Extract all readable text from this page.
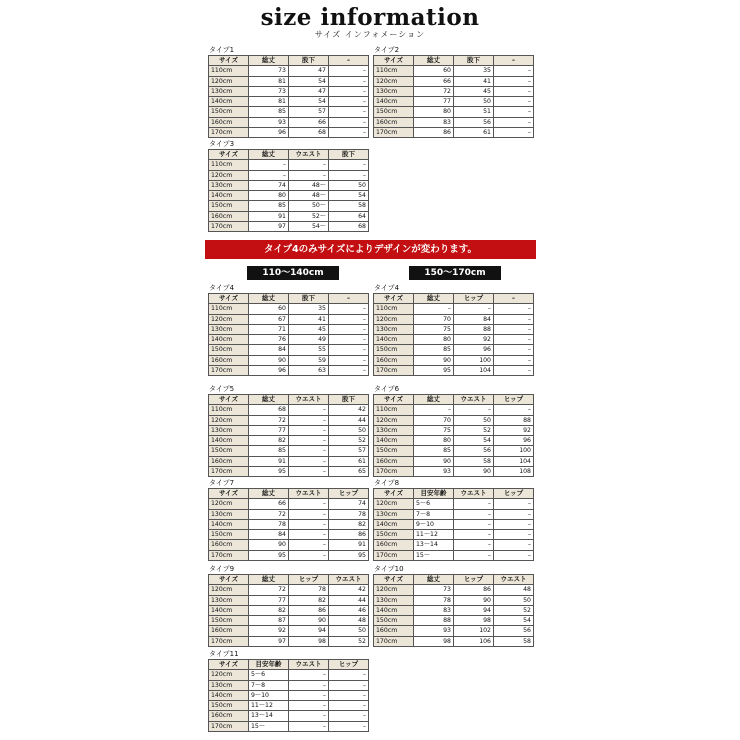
size information
サイズ インフォメーション
タイプ4のみサイズによりデザインが変わります。
110～140cm	150～170cm
タイプ1
サイズ	総丈	股下	–
110cm	73	47	–
120cm	81	54	–
130cm	73	47	–
140cm	81	54	–
150cm	85	57	–
160cm	93	66	–
170cm	96	68	–
タイプ2
サイズ	総丈	股下	–
110cm	60	35	–
120cm	66	41	–
130cm	72	45	–
140cm	77	50	–
150cm	80	51	–
160cm	83	56	–
170cm	86	61	–
タイプ3
サイズ	総丈	ウエスト	股下
110cm	–	–	–
120cm	–	–	–
130cm	74	48～	50
140cm	80	48～	54
150cm	85	50～	58
160cm	91	52～	64
170cm	97	54～	68
タイプ4
サイズ	総丈	股下	–
110cm	60	35	–
120cm	67	41	–
130cm	71	45	–
140cm	76	49	–
150cm	84	55	–
160cm	90	59	–
170cm	96	63	–
タイプ4
サイズ	総丈	ヒップ	–
110cm	–	–	–
120cm	70	84	–
130cm	75	88	–
140cm	80	92	–
150cm	85	96	–
160cm	90	100	–
170cm	95	104	–
タイプ5
サイズ	総丈	ウエスト	股下
110cm	68	–	42
120cm	72	–	44
130cm	77	–	50
140cm	82	–	52
150cm	85	–	57
160cm	91	–	61
170cm	95	–	65
タイプ6
サイズ	総丈	ウエスト	ヒップ
110cm	–	–	–
120cm	70	50	88
130cm	75	52	92
140cm	80	54	96
150cm	85	56	100
160cm	90	58	104
170cm	93	90	108
タイプ7
サイズ	総丈	ウエスト	ヒップ
120cm	66	–	74
130cm	72	–	78
140cm	78	–	82
150cm	84	–	86
160cm	90	–	91
170cm	95	–	95
タイプ8
サイズ	目安年齢	ウエスト	ヒップ
120cm	5～6	–	–
130cm	7～8	–	–
140cm	9～10	–	–
150cm	11～12	–	–
160cm	13～14	–	–
170cm	15～	–	–
タイプ9
サイズ	総丈	ヒップ	ウエスト
120cm	72	78	42
130cm	77	82	44
140cm	82	86	46
150cm	87	90	48
160cm	92	94	50
170cm	97	98	52
タイプ10
サイズ	総丈	ヒップ	ウエスト
120cm	73	86	48
130cm	78	90	50
140cm	83	94	52
150cm	88	98	54
160cm	93	102	56
170cm	98	106	58
タイプ11
サイズ	目安年齢	ウエスト	ヒップ
120cm	5～6	–	–
130cm	7～8	–	–
140cm	9～10	–	–
150cm	11～12	–	–
160cm	13～14	–	–
170cm	15～	–	–
